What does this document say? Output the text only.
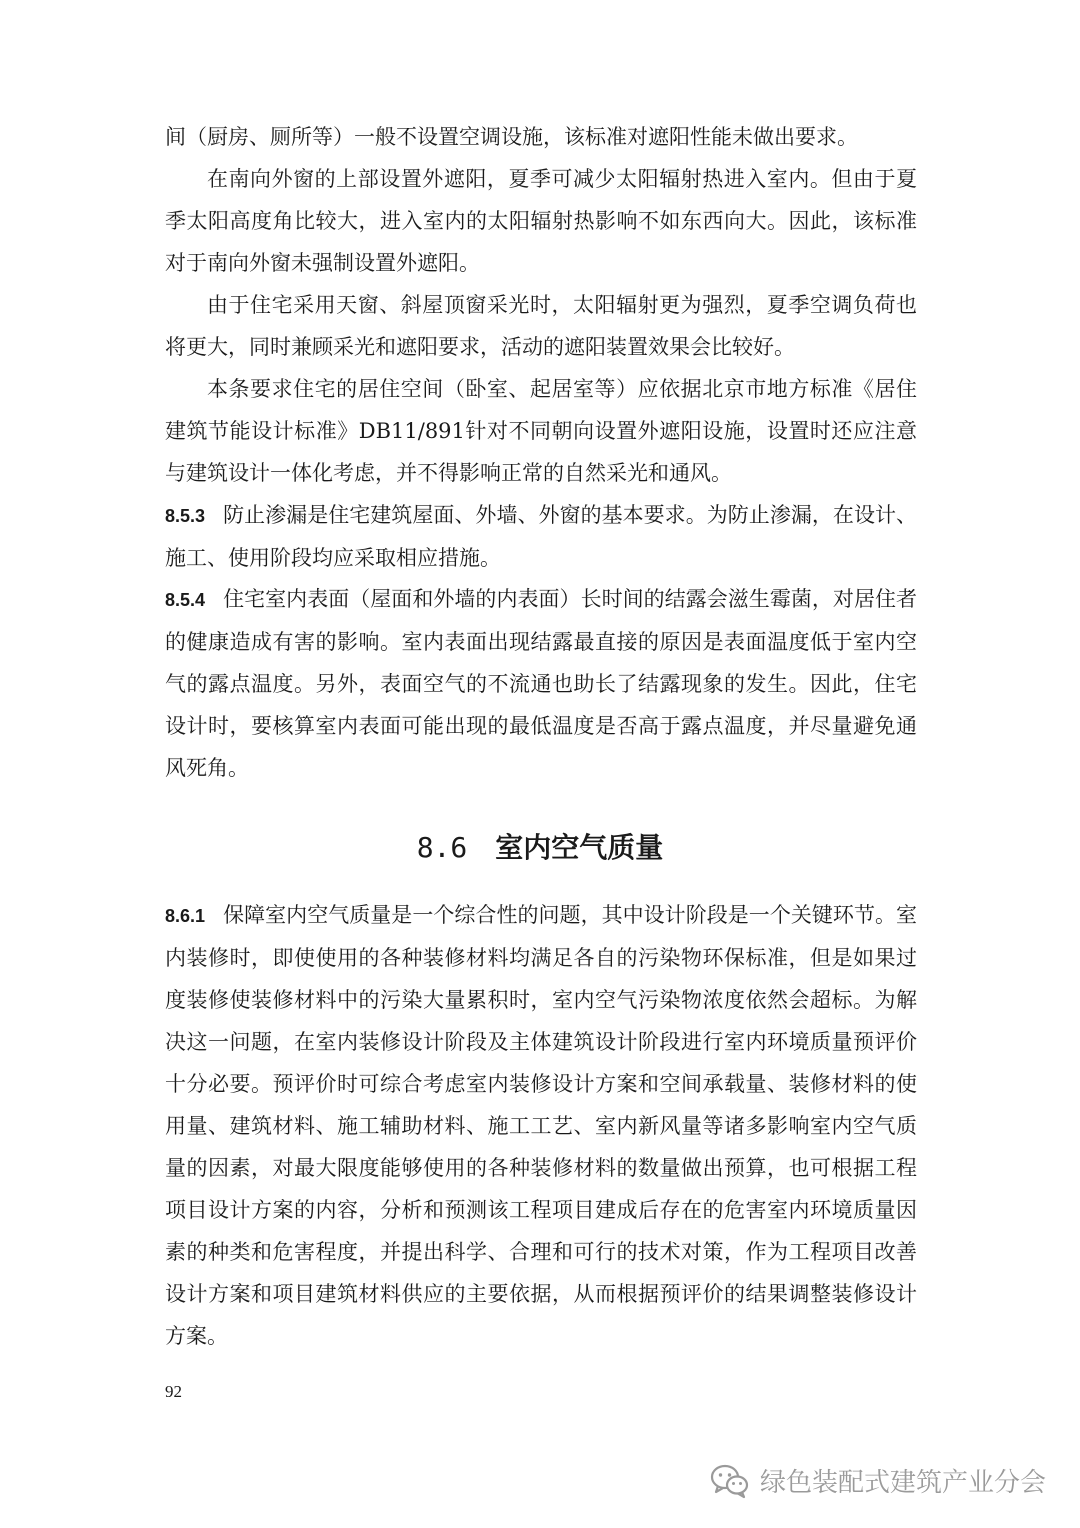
间（厨房、厕所等）一般不设置空调设施，该标准对遮阳性能未做出要求。

在南向外窗的上部设置外遮阳，夏季可减少太阳辐射热进入室内。但由于夏季太阳高度角比较大，进入室内的太阳辐射热影响不如东西向大。因此，该标准对于南向外窗未强制设置外遮阳。

由于住宅采用天窗、斜屋顶窗采光时，太阳辐射更为强烈，夏季空调负荷也将更大，同时兼顾采光和遮阳要求，活动的遮阳装置效果会比较好。

本条要求住宅的居住空间（卧室、起居室等）应依据北京市地方标准《居住建筑节能设计标准》DB11/891针对不同朝向设置外遮阳设施，设置时还应注意与建筑设计一体化考虑，并不得影响正常的自然采光和通风。

8.5.3 防止渗漏是住宅建筑屋面、外墙、外窗的基本要求。为防止渗漏，在设计、施工、使用阶段均应采取相应措施。

8.5.4 住宅室内表面（屋面和外墙的内表面）长时间的结露会滋生霉菌，对居住者的健康造成有害的影响。室内表面出现结露最直接的原因是表面温度低于室内空气的露点温度。另外，表面空气的不流通也助长了结露现象的发生。因此，住宅设计时，要核算室内表面可能出现的最低温度是否高于露点温度，并尽量避免通风死角。

8.6 室内空气质量

8.6.1 保障室内空气质量是一个综合性的问题，其中设计阶段是一个关键环节。室内装修时，即使使用的各种装修材料均满足各自的污染物环保标准，但是如果过度装修使装修材料中的污染大量累积时，室内空气污染物浓度依然会超标。为解决这一问题，在室内装修设计阶段及主体建筑设计阶段进行室内环境质量预评价十分必要。预评价时可综合考虑室内装修设计方案和空间承载量、装修材料的使用量、建筑材料、施工辅助材料、施工工艺、室内新风量等诸多影响室内空气质量的因素，对最大限度能够使用的各种装修材料的数量做出预算，也可根据工程项目设计方案的内容，分析和预测该工程项目建成后存在的危害室内环境质量因素的种类和危害程度，并提出科学、合理和可行的技术对策，作为工程项目改善设计方案和项目建筑材料供应的主要依据，从而根据预评价的结果调整装修设计方案。

92
绿色装配式建筑产业分会
